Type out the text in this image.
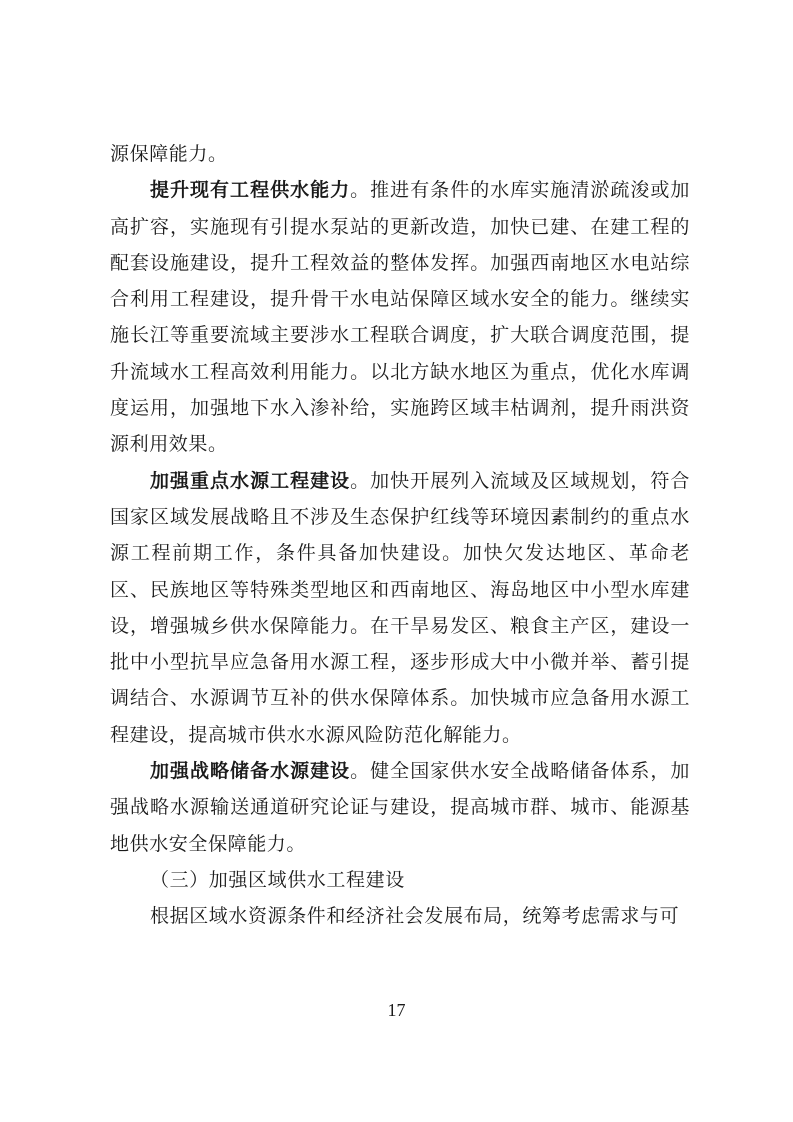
源保障能力。

提升现有工程供水能力。推进有条件的水库实施清淤疏浚或加高扩容，实施现有引提水泵站的更新改造，加快已建、在建工程的配套设施建设，提升工程效益的整体发挥。加强西南地区水电站综合利用工程建设，提升骨干水电站保障区域水安全的能力。继续实施长江等重要流域主要涉水工程联合调度，扩大联合调度范围，提升流域水工程高效利用能力。以北方缺水地区为重点，优化水库调度运用，加强地下水入渗补给，实施跨区域丰枯调剂，提升雨洪资源利用效果。

加强重点水源工程建设。加快开展列入流域及区域规划，符合国家区域发展战略且不涉及生态保护红线等环境因素制约的重点水源工程前期工作，条件具备加快建设。加快欠发达地区、革命老区、民族地区等特殊类型地区和西南地区、海岛地区中小型水库建设，增强城乡供水保障能力。在干旱易发区、粮食主产区，建设一批中小型抗旱应急备用水源工程，逐步形成大中小微并举、蓄引提调结合、水源调节互补的供水保障体系。加快城市应急备用水源工程建设，提高城市供水水源风险防范化解能力。

加强战略储备水源建设。健全国家供水安全战略储备体系，加强战略水源输送通道研究论证与建设，提高城市群、城市、能源基地供水安全保障能力。

（三）加强区域供水工程建设

根据区域水资源条件和经济社会发展布局，统筹考虑需求与可

17
